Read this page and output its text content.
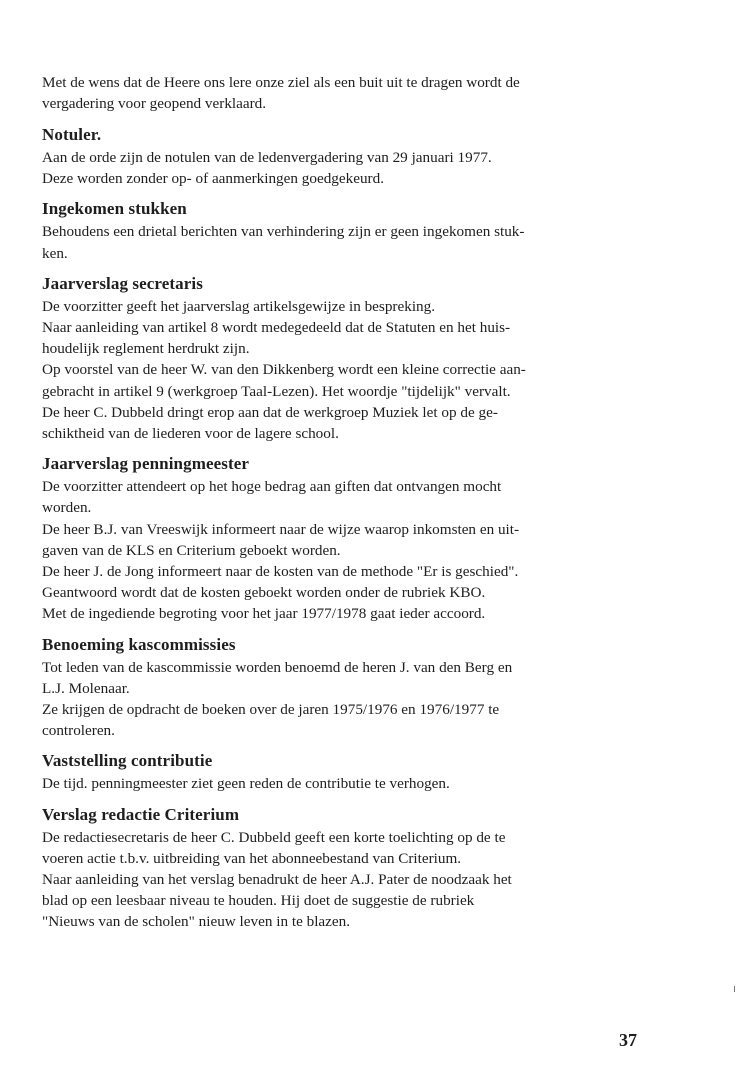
Met de wens dat de Heere ons lere onze ziel als een buit uit te dragen wordt de
vergadering voor geopend verklaard.

Notuler.

Aan de orde zijn de notulen van de ledenvergadering van 29 januari 1977.
Deze worden zonder op- of aanmerkingen goedgekeurd.

Ingekomen stukken

Behoudens een drietal berichten van verhindering zijn er geen ingekomen stuk-
ken.

Jaarverslag secretaris

De voorzitter geeft het jaarverslag artikelsgewijze in bespreking.

Naar aanleiding van artikel 8 wordt medegedeeld dat de Statuten en het huis-
houdelijk reglement herdrukt zijn.

Op voorstel van de heer W. van den Dikkenberg wordt een kleine correctie aan-
gebracht in artikel 9 (werkgroep Taal-Lezen). Het woordje "tijdelijk" vervalt.

De heer C. Dubbeld dringt erop aan dat de werkgroep Muziek let op de ge-
schiktheid van de liederen voor de lagere school.

Jaarverslag penningmeester

De voorzitter attendeert op het hoge bedrag aan giften dat ontvangen mocht
worden.

De heer B.J. van Vreeswijk informeert naar de wijze waarop inkomsten en uit-
gaven van de KLS en Criterium geboekt worden.

De heer J. de Jong informeert naar de kosten van de methode "Er is geschied".

Geantwoord wordt dat de kosten geboekt worden onder de rubriek KBO.

Met de ingediende begroting voor het jaar 1977/1978 gaat ieder accoord.

Benoeming kascommissies

Tot leden van de kascommissie worden benoemd de heren J. van den Berg en
L.J. Molenaar.

Ze krijgen de opdracht de boeken over de jaren 1975/1976 en 1976/1977 te
controleren.

Vaststelling contributie

De tijd. penningmeester ziet geen reden de contributie te verhogen.

Verslag redactie Criterium

De redactiesecretaris de heer C. Dubbeld geeft een korte toelichting op de te
voeren actie t.b.v. uitbreiding van het abonneebestand van Criterium.

Naar aanleiding van het verslag benadrukt de heer A.J. Pater de noodzaak het
blad op een leesbaar niveau te houden. Hij doet de suggestie de rubriek
"Nieuws van de scholen" nieuw leven in te blazen.

37
